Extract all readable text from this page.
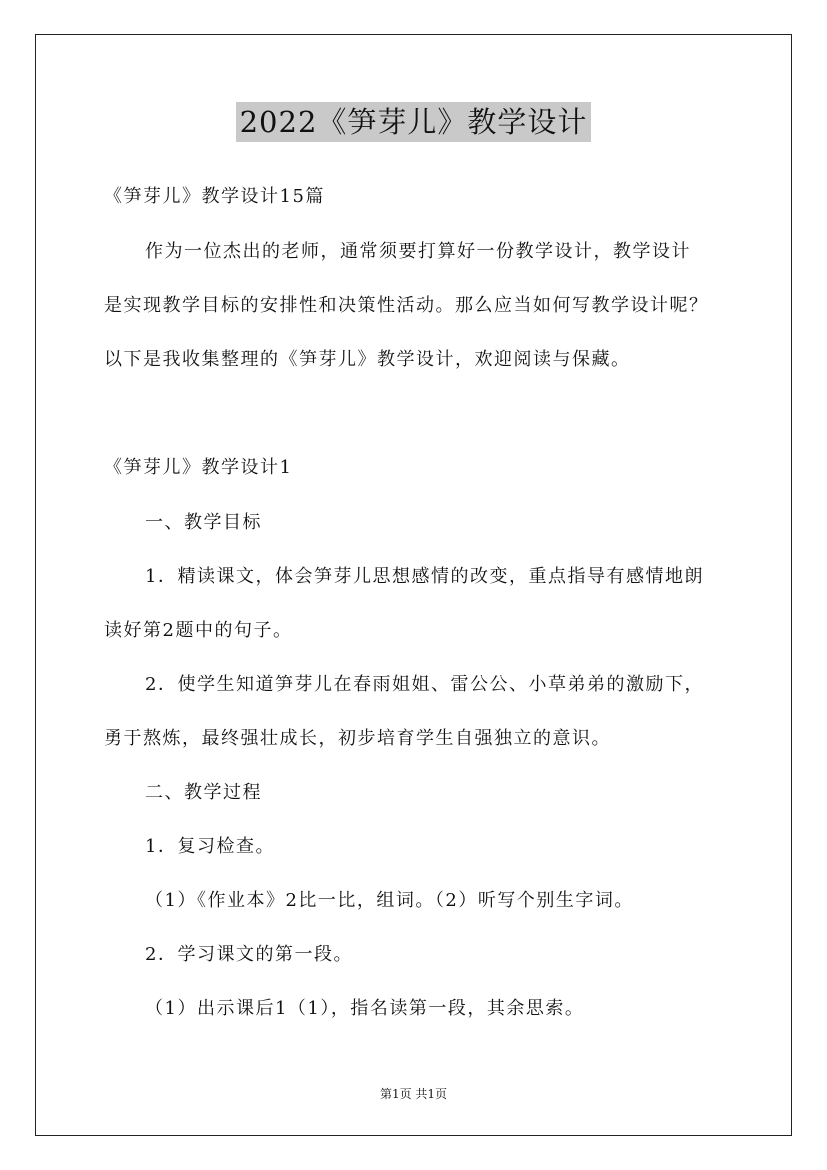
2022《笋芽儿》教学设计
《笋芽儿》教学设计15篇
作为一位杰出的老师，通常须要打算好一份教学设计，教学设计
是实现教学目标的安排性和决策性活动。那么应当如何写教学设计呢？
以下是我收集整理的《笋芽儿》教学设计，欢迎阅读与保藏。
《笋芽儿》教学设计1
一、教学目标
1．精读课文，体会笋芽儿思想感情的改变，重点指导有感情地朗
读好第2题中的句子。
2．使学生知道笋芽儿在春雨姐姐、雷公公、小草弟弟的激励下，
勇于熬炼，最终强壮成长，初步培育学生自强独立的意识。
二、教学过程
1．复习检查。
（1）《作业本》2比一比，组词。（2）听写个别生字词。
2．学习课文的第一段。
（1）出示课后1（1），指名读第一段，其余思索。
第1页 共1页
